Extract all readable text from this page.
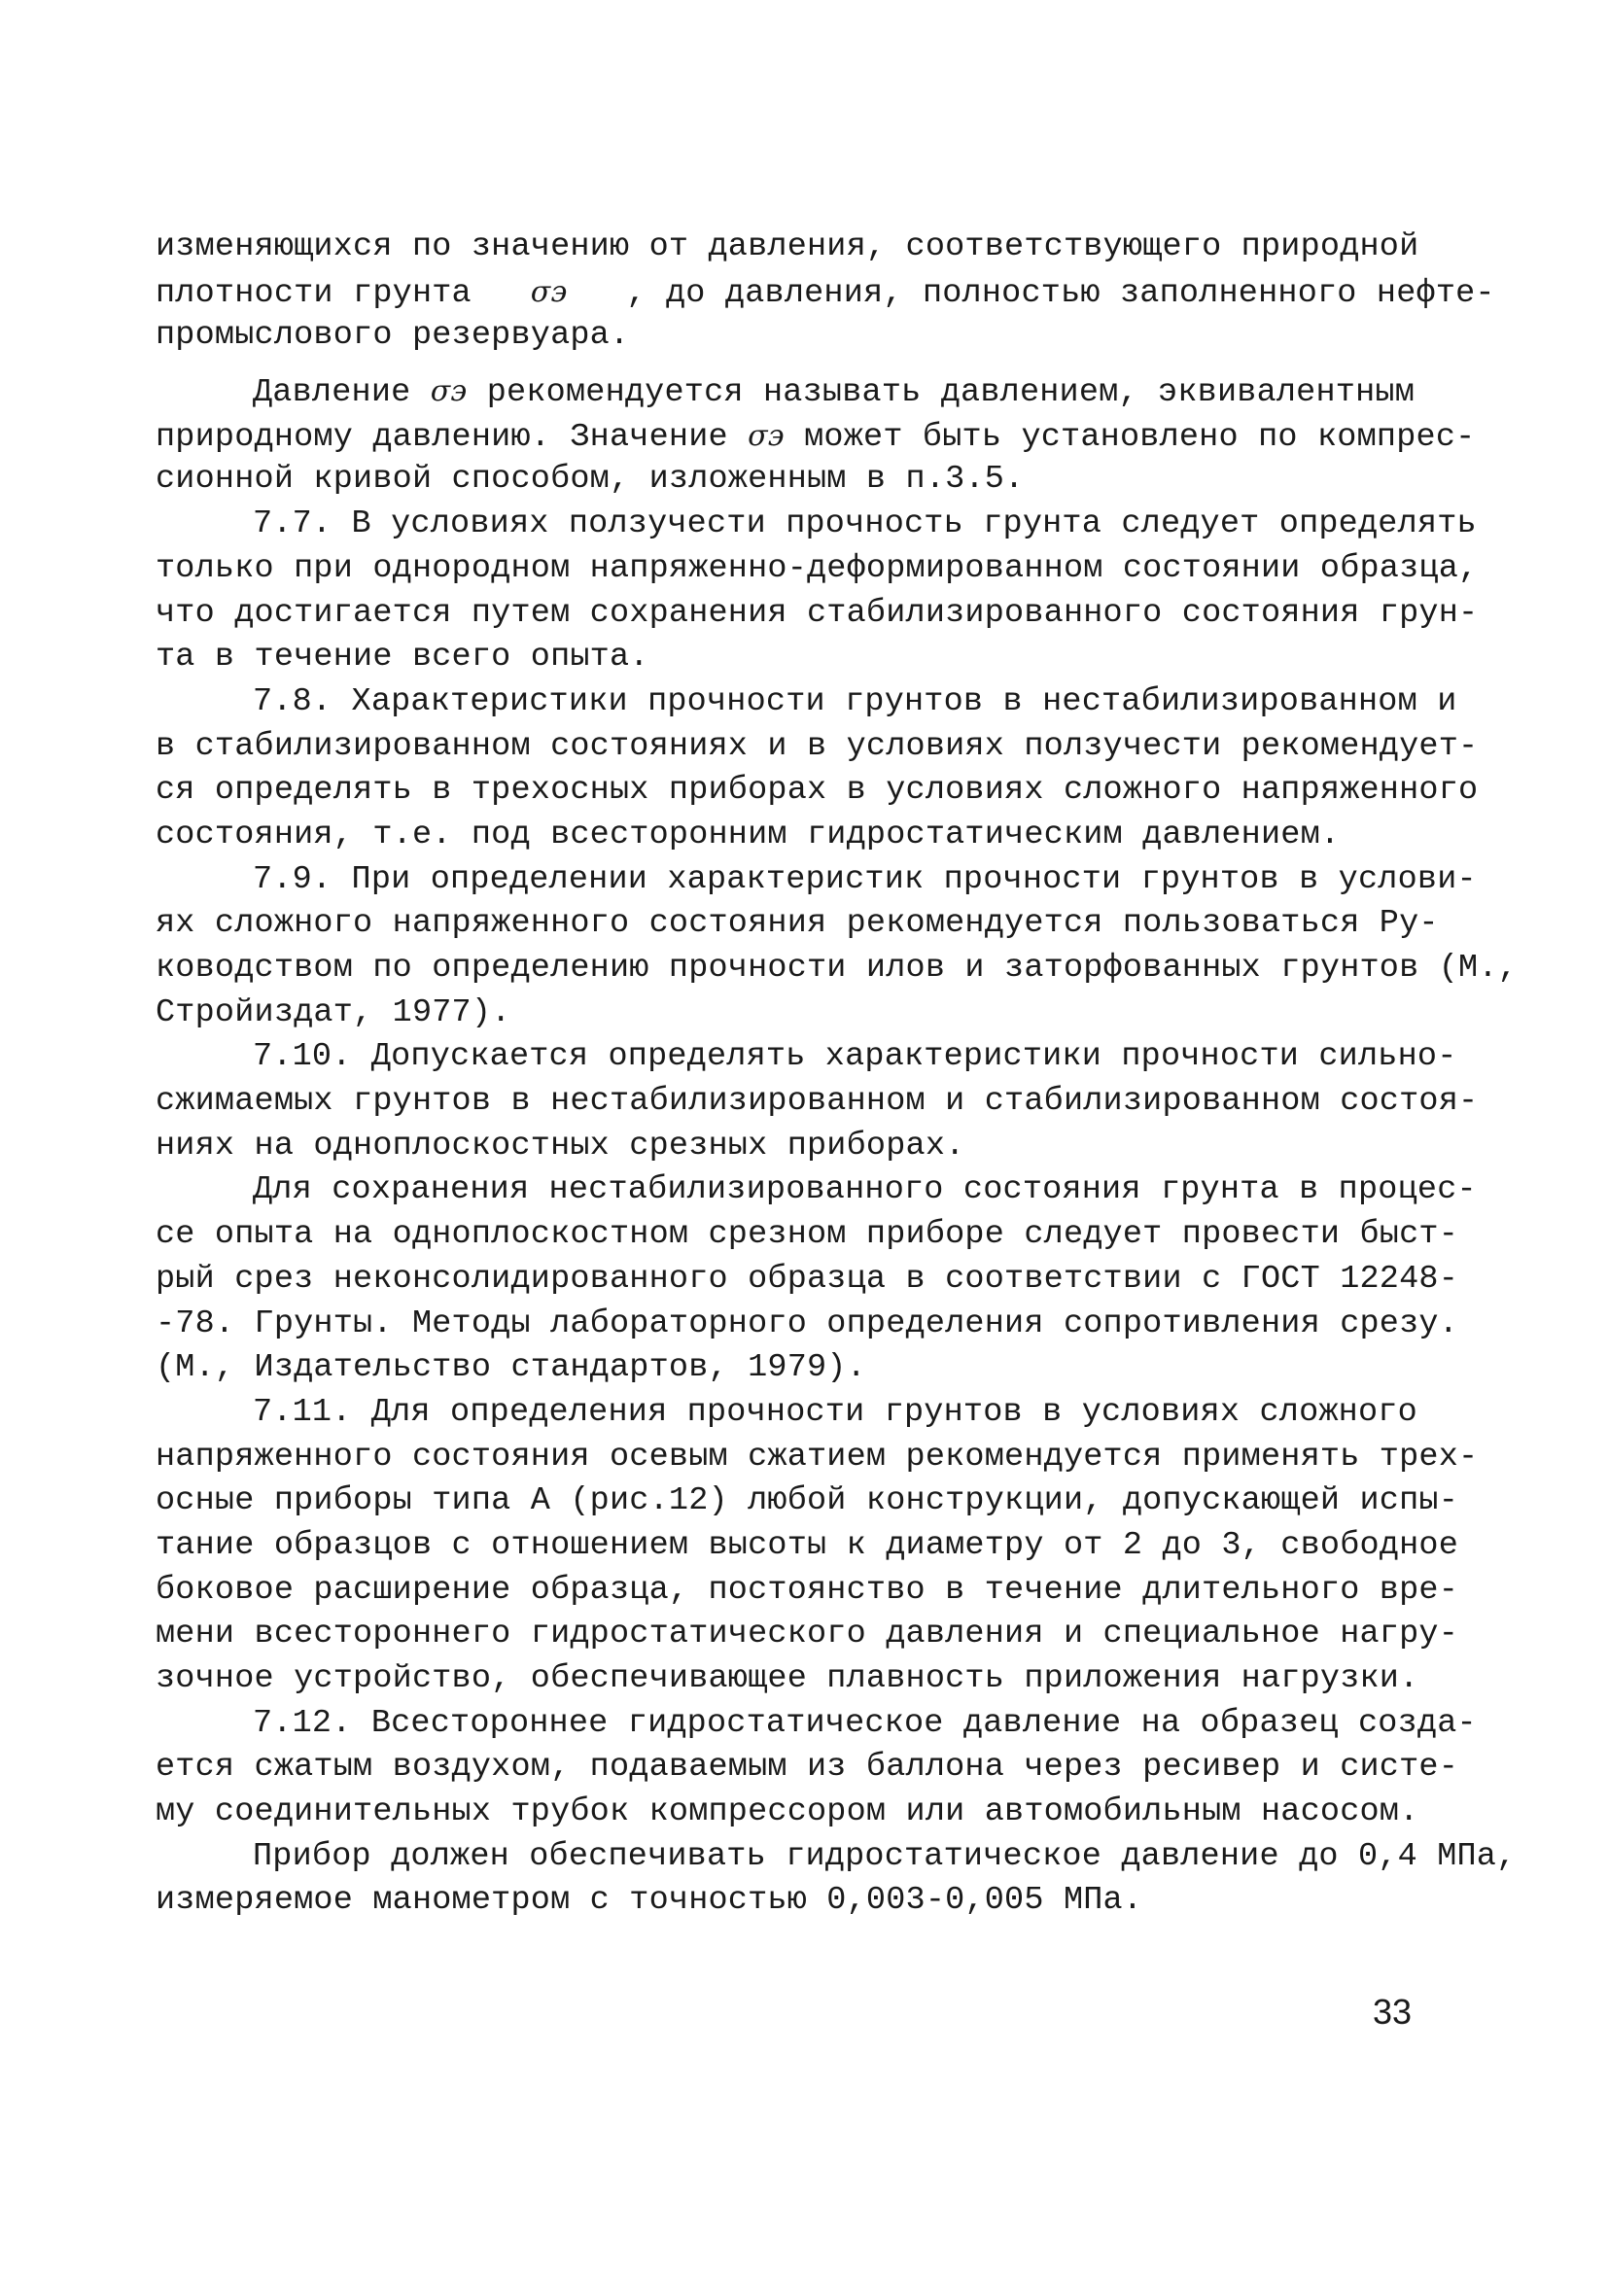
изменяющихся по значению от давления, соответствующего природной
плотности грунта σэ , до давления, полностью заполненного нефте-
промыслового резервуара.
Давление σэ рекомендуется называть давлением, эквивалентным
природному давлению. Значение σэ может быть установлено по компрес-
сионной кривой способом, изложенным в п.3.5.
7.7. В условиях ползучести прочность грунта следует определять
только при однородном напряженно-деформированном состоянии образца,
что достигается путем сохранения стабилизированного состояния грун-
та в течение всего опыта.
7.8. Характеристики прочности грунтов в нестабилизированном и
в стабилизированном состояниях и в условиях ползучести рекомендует-
ся определять в трехосных приборах в условиях сложного напряженного
состояния, т.е. под всесторонним гидростатическим давлением.
7.9. При определении характеристик прочности грунтов в услови-
ях сложного напряженного состояния рекомендуется пользоваться Ру-
ководством по определению прочности илов и заторфованных грунтов (М.,
Стройиздат, 1977).
7.10. Допускается определять характеристики прочности сильно-
сжимаемых грунтов в нестабилизированном и стабилизированном состоя-
ниях на одноплоскостных срезных приборах.
Для сохранения нестабилизированного состояния грунта в процес-
се опыта на одноплоскостном срезном приборе следует провести быст-
рый срез неконсолидированного образца в соответствии с ГОСТ 12248-
-78. Грунты. Методы лабораторного определения сопротивления срезу.
(М., Издательство стандартов, 1979).
7.11. Для определения прочности грунтов в условиях сложного
напряженного состояния осевым сжатием рекомендуется применять трех-
осные приборы типа А (рис.12) любой конструкции, допускающей испы-
тание образцов с отношением высоты к диаметру от 2 до 3, свободное
боковое расширение образца, постоянство в течение длительного вре-
мени всестороннего гидростатического давления и специальное нагру-
зочное устройство, обеспечивающее плавность приложения нагрузки.
7.12. Всестороннее гидростатическое давление на образец созда-
ется сжатым воздухом, подаваемым из баллона через ресивер и систе-
му соединительных трубок компрессором или автомобильным насосом.
Прибор должен обеспечивать гидростатическое давление до 0,4 МПа,
измеряемое манометром с точностью 0,003-0,005 МПа.
33
